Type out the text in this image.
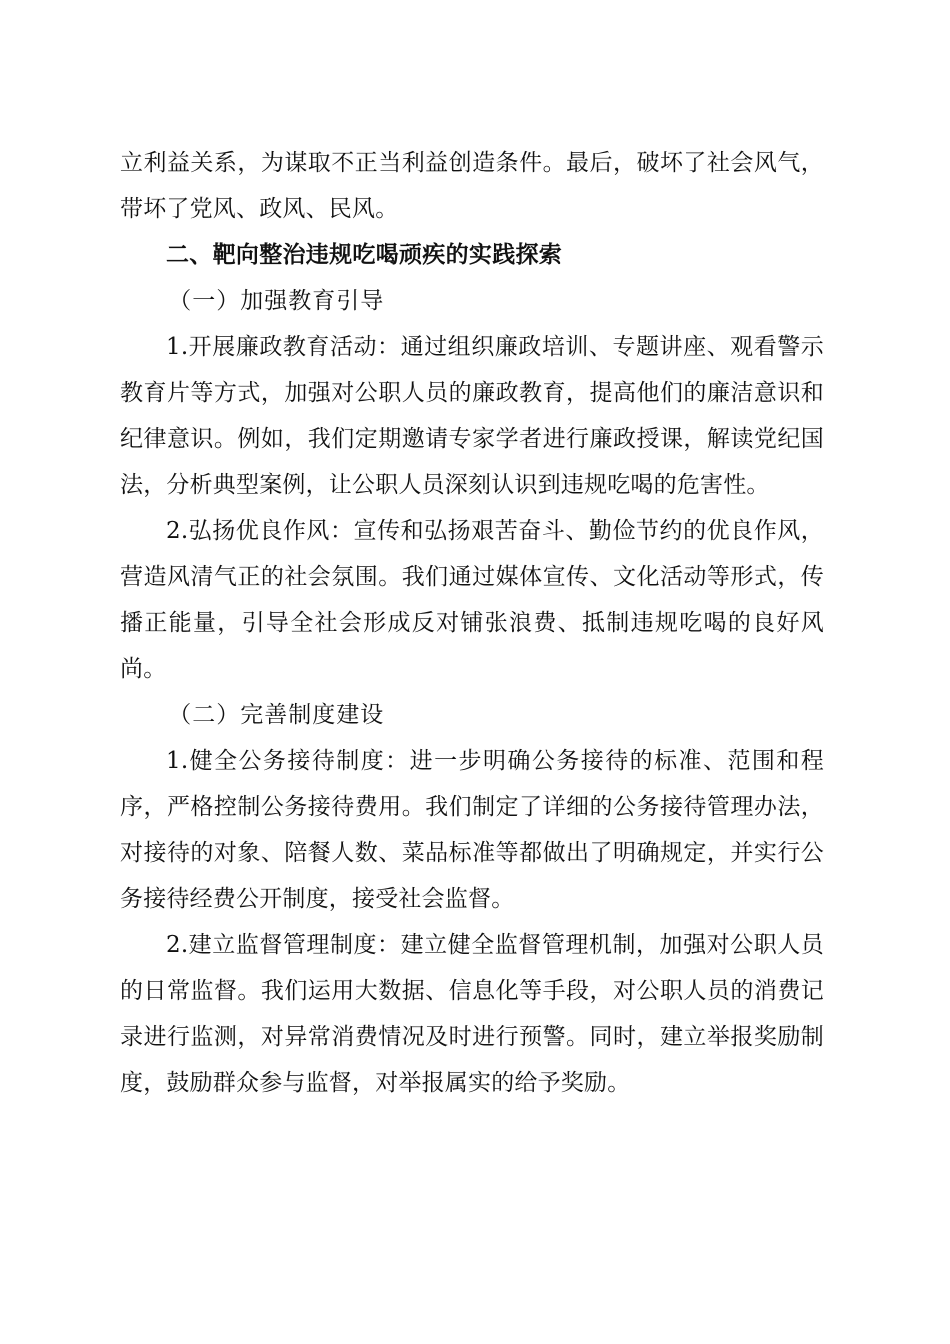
立利益关系，为谋取不正当利益创造条件。最后，破坏了社会风气，带坏了党风、政风、民风。

二、靶向整治违规吃喝顽疾的实践探索

（一）加强教育引导

1.开展廉政教育活动：通过组织廉政培训、专题讲座、观看警示教育片等方式，加强对公职人员的廉政教育，提高他们的廉洁意识和纪律意识。例如，我们定期邀请专家学者进行廉政授课，解读党纪国法，分析典型案例，让公职人员深刻认识到违规吃喝的危害性。

2.弘扬优良作风：宣传和弘扬艰苦奋斗、勤俭节约的优良作风，营造风清气正的社会氛围。我们通过媒体宣传、文化活动等形式，传播正能量，引导全社会形成反对铺张浪费、抵制违规吃喝的良好风尚。

（二）完善制度建设

1.健全公务接待制度：进一步明确公务接待的标准、范围和程序，严格控制公务接待费用。我们制定了详细的公务接待管理办法，对接待的对象、陪餐人数、菜品标准等都做出了明确规定，并实行公务接待经费公开制度，接受社会监督。

2.建立监督管理制度：建立健全监督管理机制，加强对公职人员的日常监督。我们运用大数据、信息化等手段，对公职人员的消费记录进行监测，对异常消费情况及时进行预警。同时，建立举报奖励制度，鼓励群众参与监督，对举报属实的给予奖励。
